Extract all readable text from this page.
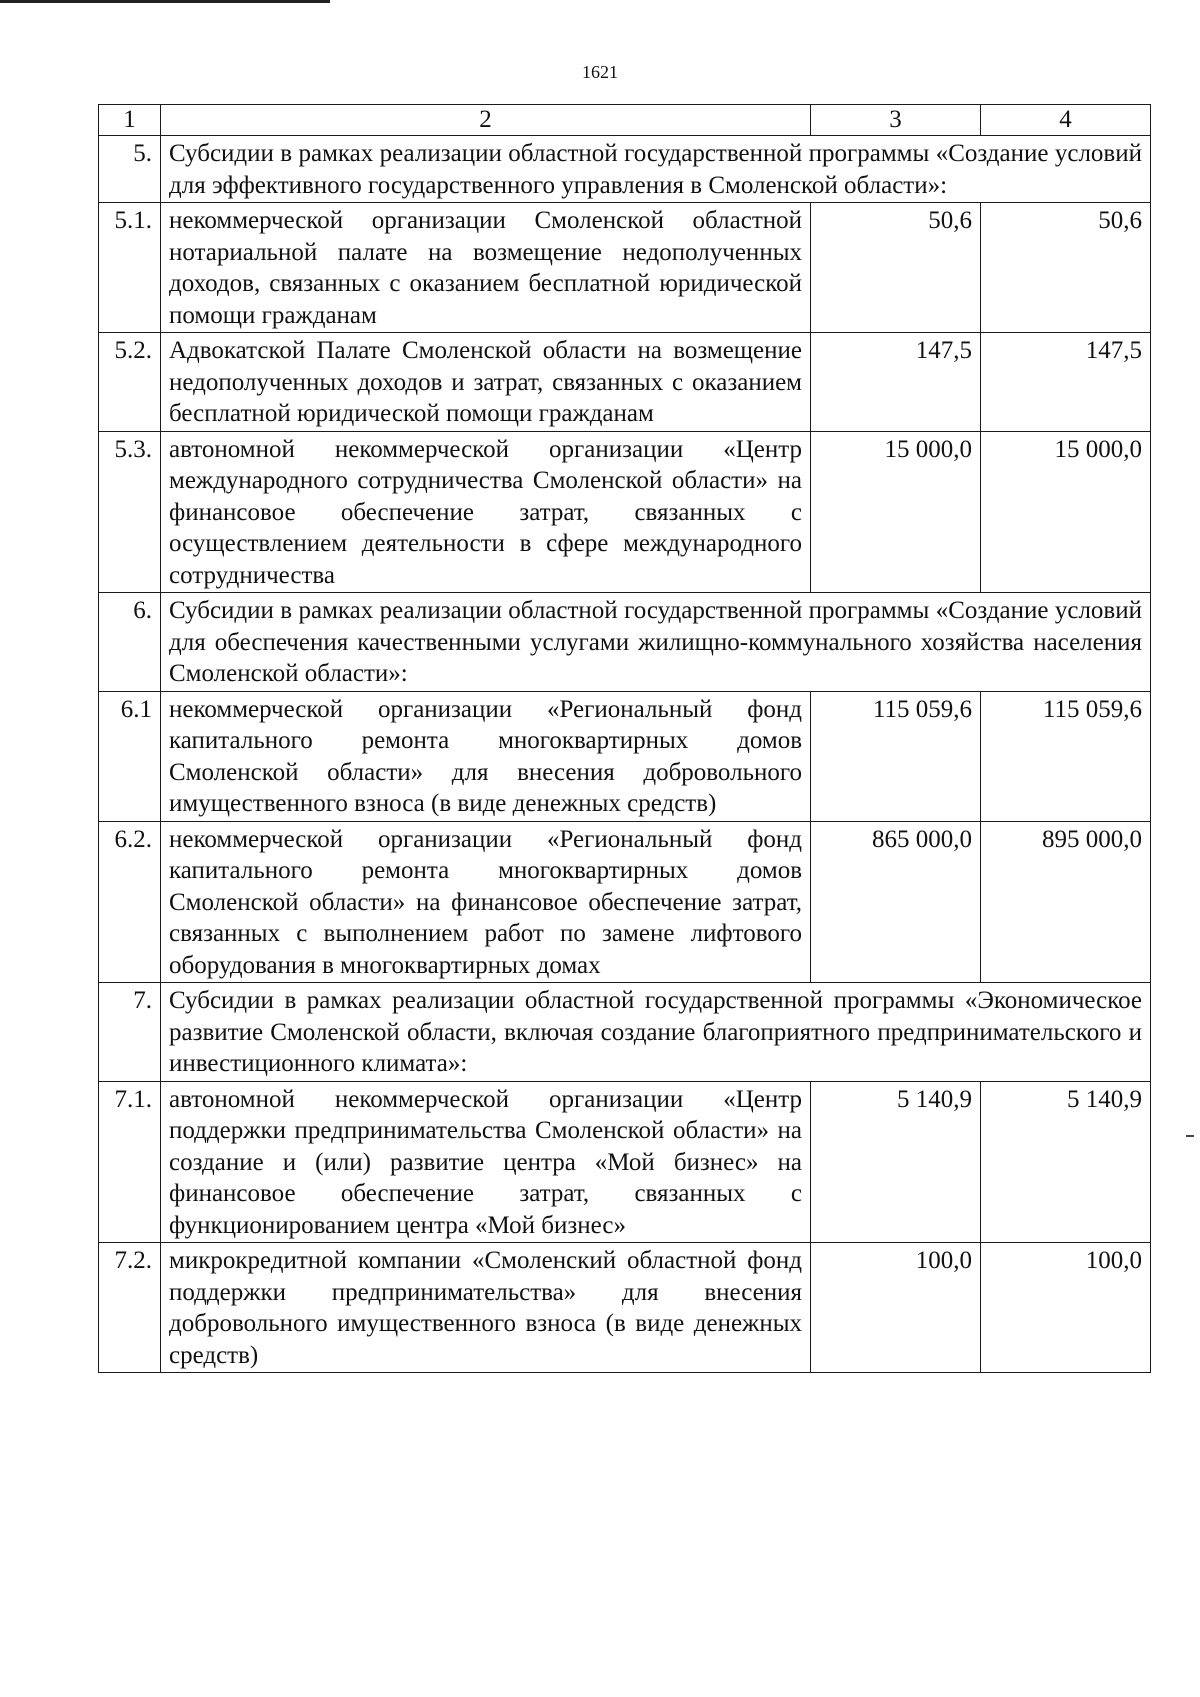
1621
1	2	3	4
5.	Субсидии в рамках реализации областной государственной программы «Создание условий для эффективного государственного управления в Смоленской области»:		
5.1.	некоммерческой организации Смоленской областной нотариальной палате на возмещение недополученных доходов, связанных с оказанием бесплатной юридической помощи гражданам	50,6	50,6
5.2.	Адвокатской Палате Смоленской области на возмещение недополученных доходов и затрат, связанных с оказанием бесплатной юридической помощи гражданам	147,5	147,5
5.3.	автономной некоммерческой организации «Центр международного сотрудничества Смоленской области» на финансовое обеспечение затрат, связанных с осуществлением деятельности в сфере международного сотрудничества	15 000,0	15 000,0
6.	Субсидии в рамках реализации областной государственной программы «Создание условий для обеспечения качественными услугами жилищно-коммунального хозяйства населения Смоленской области»:		
6.1	некоммерческой организации «Региональный фонд капитального ремонта многоквартирных домов Смоленской области» для внесения добровольного имущественного взноса (в виде денежных средств)	115 059,6	115 059,6
6.2.	некоммерческой организации «Региональный фонд капитального ремонта многоквартирных домов Смоленской области» на финансовое обеспечение затрат, связанных с выполнением работ по замене лифтового оборудования в многоквартирных домах	865 000,0	895 000,0
7.	Субсидии в рамках реализации областной государственной программы «Экономическое развитие Смоленской области, включая создание благоприятного предпринимательского и инвестиционного климата»:		
7.1.	автономной некоммерческой организации «Центр поддержки предпринимательства Смоленской области» на создание и (или) развитие центра «Мой бизнес» на финансовое обеспечение затрат, связанных с функционированием центра «Мой бизнес»	5 140,9	5 140,9
7.2.	микрокредитной компании «Смоленский областной фонд поддержки предпринимательства» для внесения добровольного имущественного взноса (в виде денежных средств)	100,0	100,0
